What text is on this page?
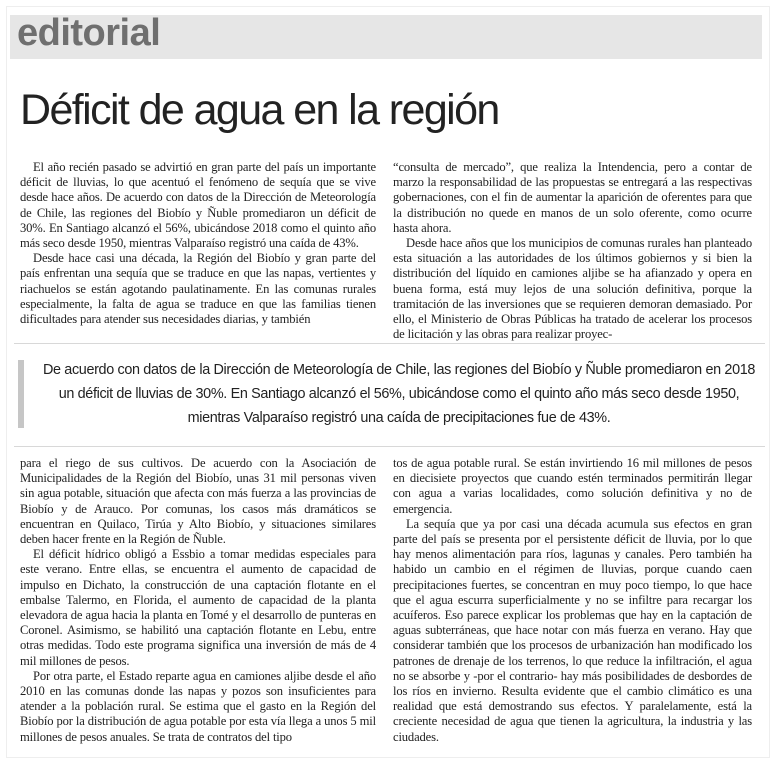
editorial
Déficit de agua en la región

El año recién pasado se advirtió en gran parte del país un importante déficit de lluvias, lo que acentuó el fenómeno de sequía que se vive desde hace años. De acuerdo con datos de la Dirección de Meteorología de Chile, las regiones del Biobío y Ñuble promediaron un déficit de 30%. En Santiago alcanzó el 56%, ubicándose 2018 como el quinto año más seco desde 1950, mientras Valparaíso registró una caída de 43%.

Desde hace casi una década, la Región del Biobío y gran parte del país enfrentan una sequía que se traduce en que las napas, vertientes y riachuelos se están agotando paulatinamente. En las comunas rurales especialmente, la falta de agua se traduce en que las familias tienen dificultades para atender sus necesidades diarias, y también

“consulta de mercado”, que realiza la Intendencia, pero a contar de marzo la responsabilidad de las propuestas se entregará a las respectivas gobernaciones, con el fin de aumentar la aparición de oferentes para que la distribución no quede en manos de un solo oferente, como ocurre hasta ahora.

Desde hace años que los municipios de comunas rurales han planteado esta situación a las autoridades de los últimos gobiernos y si bien la distribución del líquido en camiones aljibe se ha afianzado y opera en buena forma, está muy lejos de una solución definitiva, porque la tramitación de las inversiones que se requieren demoran demasiado. Por ello, el Ministerio de Obras Públicas ha tratado de acelerar los procesos de licitación y las obras para realizar proyec-

De acuerdo con datos de la Dirección de Meteorología de Chile, las regiones del Biobío y Ñuble promediaron en 2018 un déficit de lluvias de 30%. En Santiago alcanzó el 56%, ubicándose como el quinto año más seco desde 1950, mientras Valparaíso registró una caída de precipitaciones fue de 43%.

para el riego de sus cultivos. De acuerdo con la Asociación de Municipalidades de la Región del Biobío, unas 31 mil personas viven sin agua potable, situación que afecta con más fuerza a las provincias de Biobío y de Arauco. Por comunas, los casos más dramáticos se encuentran en Quilaco, Tirúa y Alto Biobío, y situaciones similares deben hacer frente en la Región de Ñuble.

El déficit hídrico obligó a Essbio a tomar medidas especiales para este verano. Entre ellas, se encuentra el aumento de capacidad de impulso en Dichato, la construcción de una captación flotante en el embalse Talermo, en Florida, el aumento de capacidad de la planta elevadora de agua hacia la planta en Tomé y el desarrollo de punteras en Coronel. Asimismo, se habilitó una captación flotante en Lebu, entre otras medidas. Todo este programa significa una inversión de más de 4 mil millones de pesos.

Por otra parte, el Estado reparte agua en camiones aljibe desde el año 2010 en las comunas donde las napas y pozos son insuficientes para atender a la población rural. Se estima que el gasto en la Región del Biobío por la distribución de agua potable por esta vía llega a unos 5 mil millones de pesos anuales. Se trata de contratos del tipo

tos de agua potable rural. Se están invirtiendo 16 mil millones de pesos en diecisiete proyectos que cuando estén terminados permitirán llegar con agua a varias localidades, como solución definitiva y no de emergencia.

La sequía que ya por casi una década acumula sus efectos en gran parte del país se presenta por el persistente déficit de lluvia, por lo que hay menos alimentación para ríos, lagunas y canales. Pero también ha habido un cambio en el régimen de lluvias, porque cuando caen precipitaciones fuertes, se concentran en muy poco tiempo, lo que hace que el agua escurra superficialmente y no se infiltre para recargar los acuíferos. Eso parece explicar los problemas que hay en la captación de aguas subterráneas, que hace notar con más fuerza en verano. Hay que considerar también que los procesos de urbanización han modificado los patrones de drenaje de los terrenos, lo que reduce la infiltración, el agua no se absorbe y -por el contrario- hay más posibilidades de desbordes de los ríos en invierno. Resulta evidente que el cambio climático es una realidad que está demostrando sus efectos. Y paralelamente, está la creciente necesidad de agua que tienen la agricultura, la industria y las ciudades.
